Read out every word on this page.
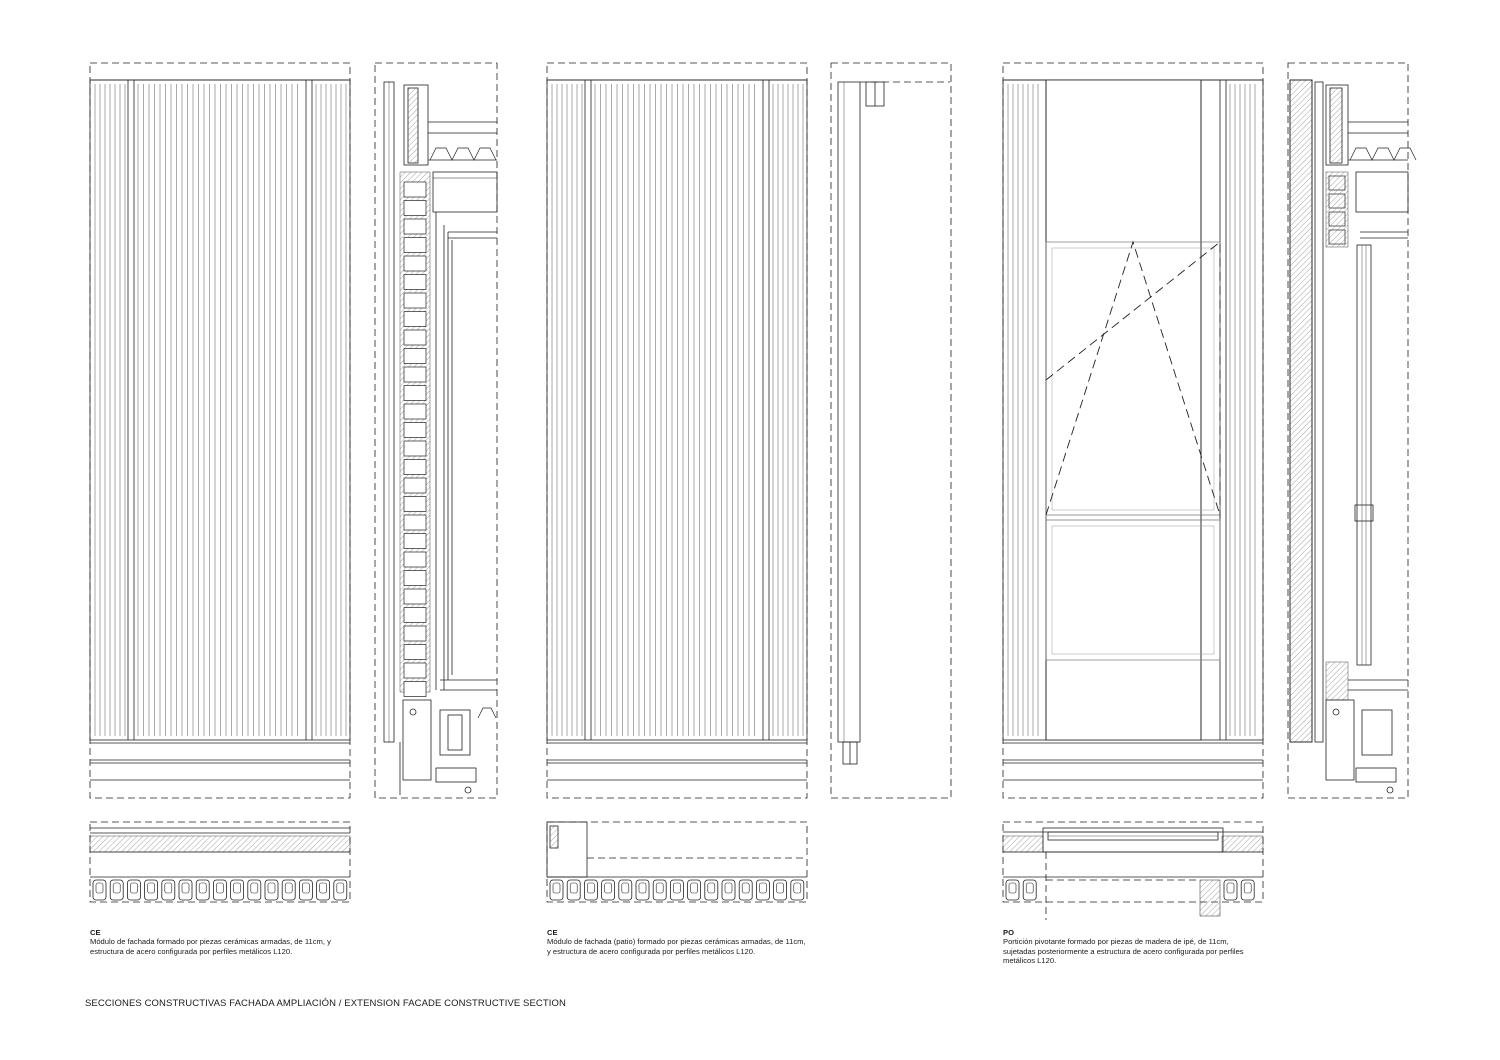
CE
Módulo de fachada formado por piezas cerámicas armadas, de 11cm, y
estructura de acero configurada por perfiles metálicos L120.
CE
Módulo de fachada (patio) formado por piezas cerámicas armadas, de 11cm,
y estructura de acero configurada por perfiles metálicos L120.
PO
Portición pivotante formado por piezas de madera de ipé, de 11cm,
sujetadas posteriormente a estructura de acero configurada por perfiles
metálicos L120.
SECCIONES CONSTRUCTIVAS FACHADA AMPLIACIÓN / EXTENSION FACADE CONSTRUCTIVE SECTION
